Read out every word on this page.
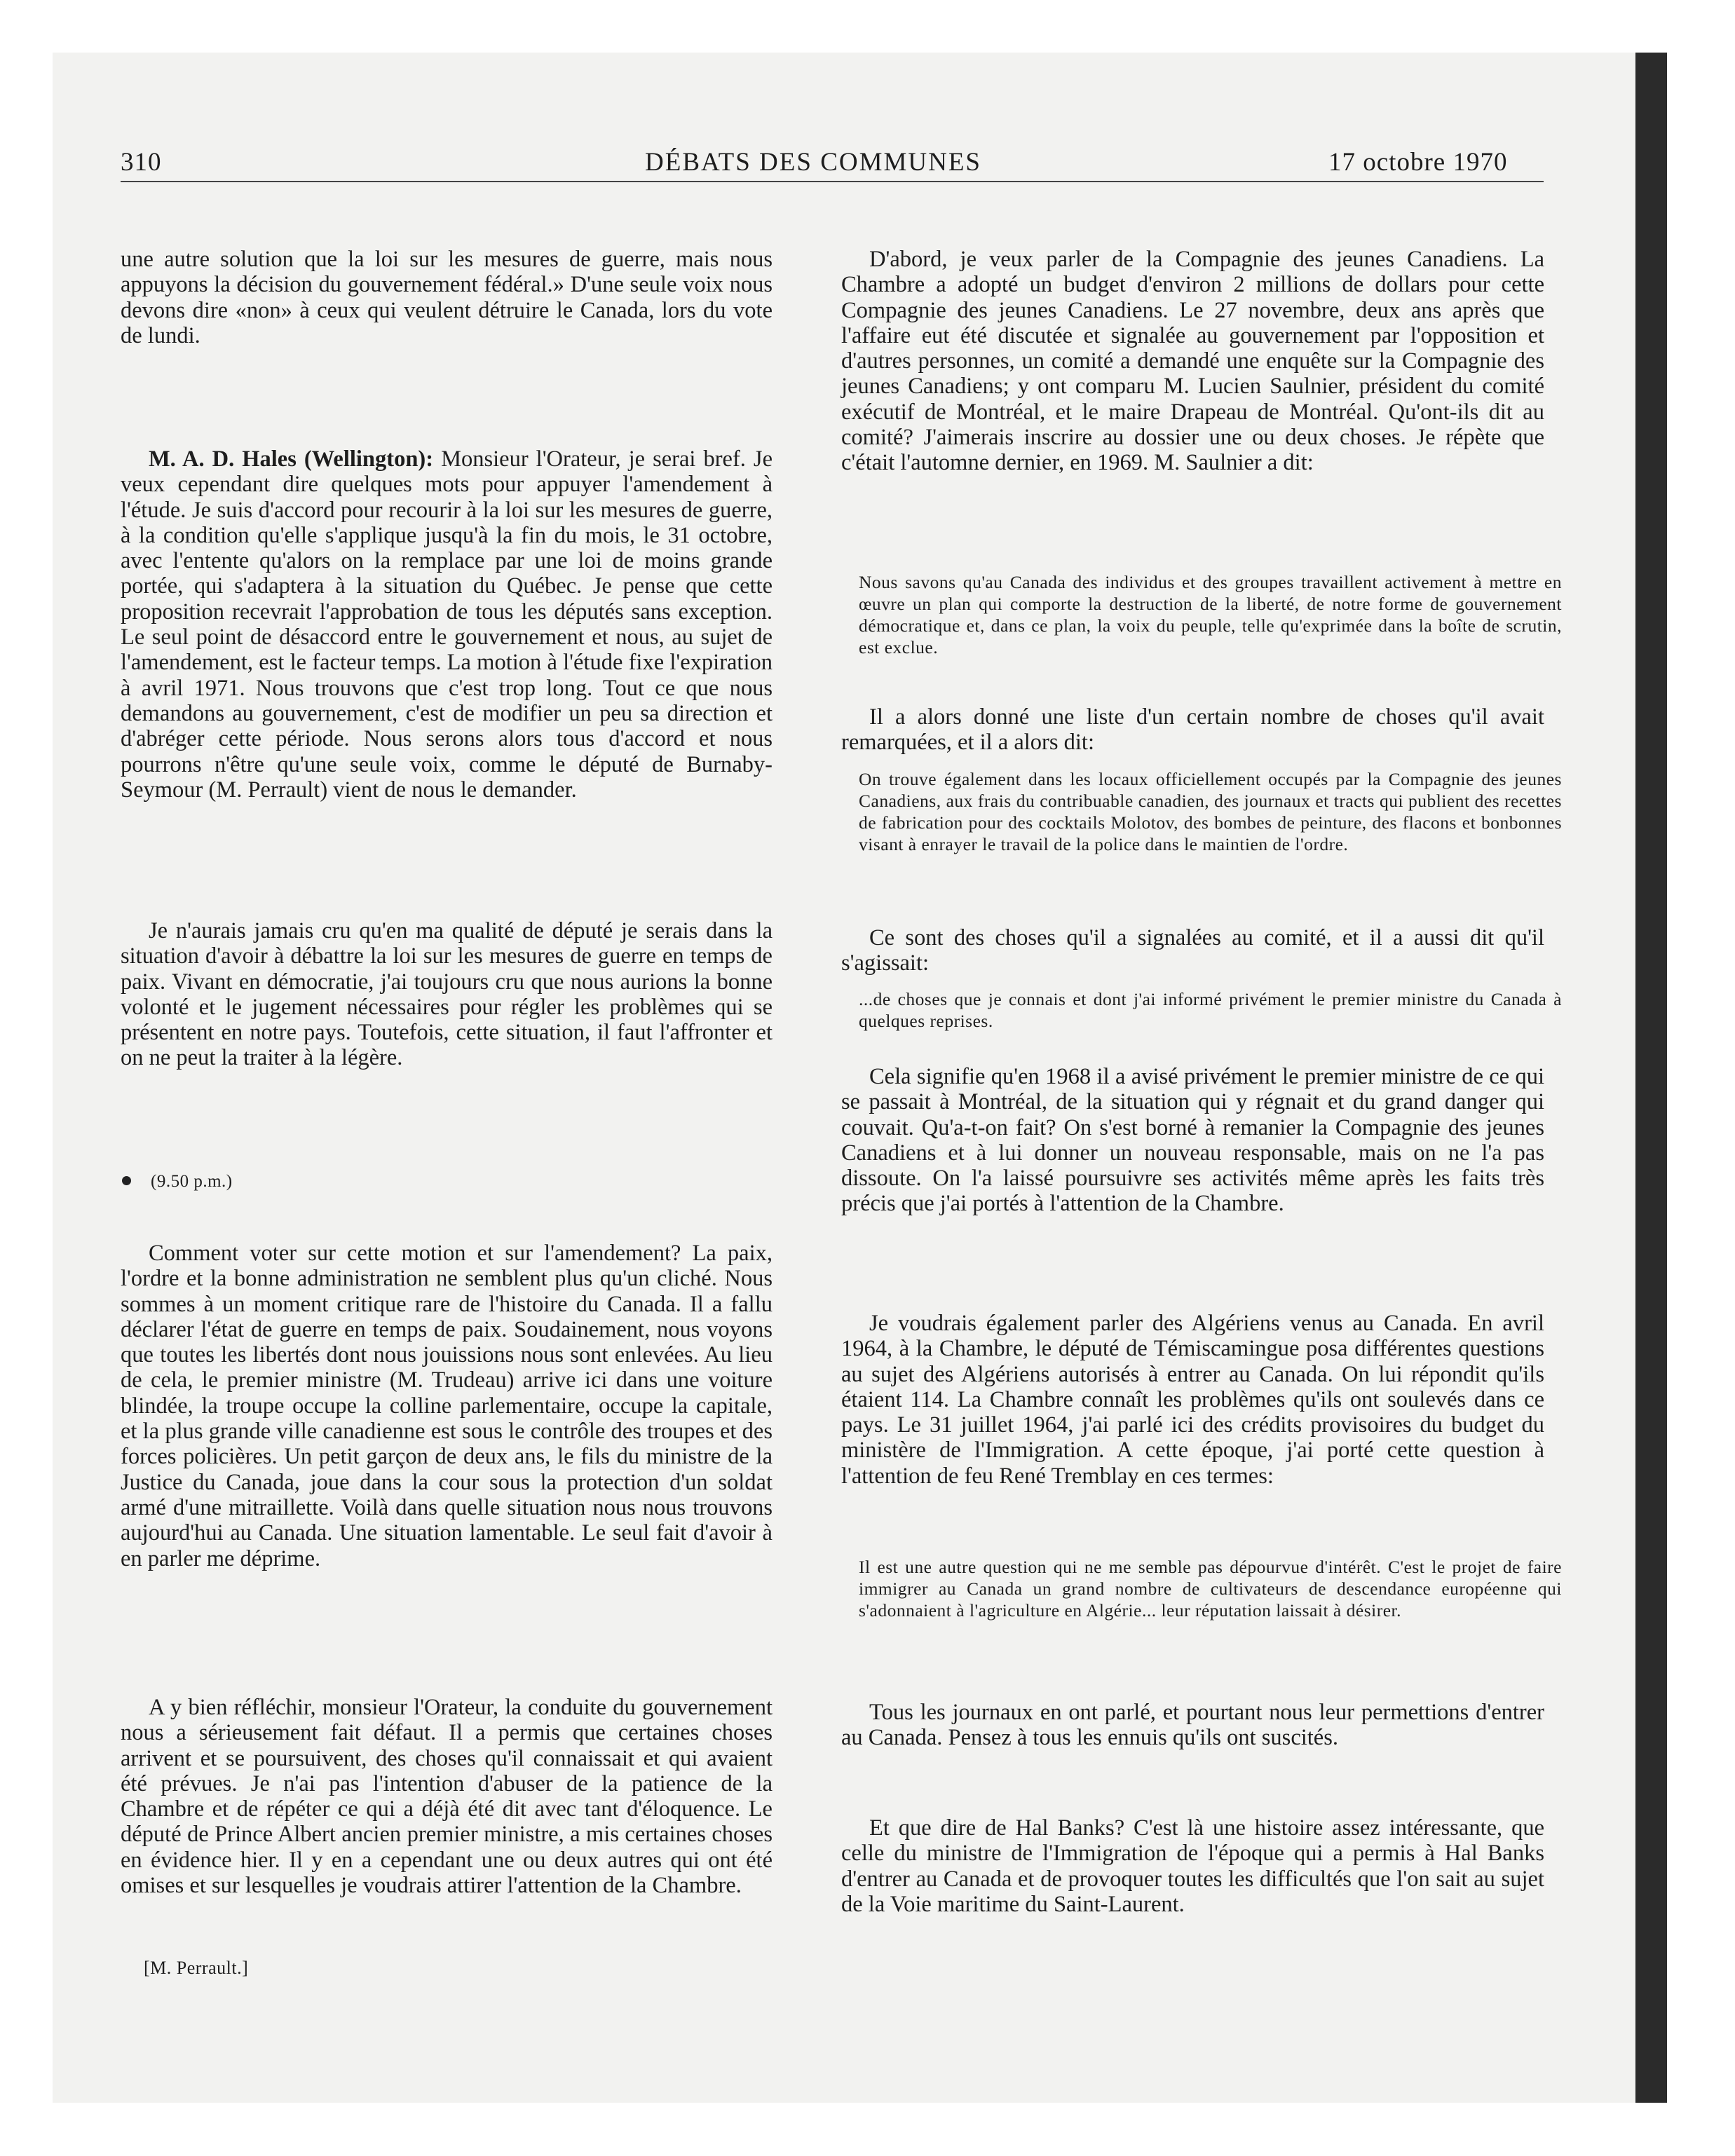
310	DÉBATS DES COMMUNES	17 octobre 1970

une autre solution que la loi sur les mesures de guerre, mais nous appuyons la décision du gouvernement fédéral.» D'une seule voix nous devons dire «non» à ceux qui veulent détruire le Canada, lors du vote de lundi.

M. A. D. Hales (Wellington): Monsieur l'Orateur, je serai bref. Je veux cependant dire quelques mots pour appuyer l'amendement à l'étude. Je suis d'accord pour recourir à la loi sur les mesures de guerre, à la condition qu'elle s'applique jusqu'à la fin du mois, le 31 octobre, avec l'entente qu'alors on la remplace par une loi de moins grande portée, qui s'adaptera à la situation du Québec. Je pense que cette proposition recevrait l'approbation de tous les députés sans exception. Le seul point de désaccord entre le gouvernement et nous, au sujet de l'amendement, est le facteur temps. La motion à l'étude fixe l'expiration à avril 1971. Nous trouvons que c'est trop long. Tout ce que nous demandons au gouvernement, c'est de modifier un peu sa direction et d'abréger cette période. Nous serons alors tous d'accord et nous pourrons n'être qu'une seule voix, comme le député de Burnaby-Seymour (M. Perrault) vient de nous le demander.

Je n'aurais jamais cru qu'en ma qualité de député je serais dans la situation d'avoir à débattre la loi sur les mesures de guerre en temps de paix. Vivant en démocratie, j'ai toujours cru que nous aurions la bonne volonté et le jugement nécessaires pour régler les problèmes qui se présentent en notre pays. Toutefois, cette situation, il faut l'affronter et on ne peut la traiter à la légère.

(9.50 p.m.)

Comment voter sur cette motion et sur l'amendement? La paix, l'ordre et la bonne administration ne semblent plus qu'un cliché. Nous sommes à un moment critique rare de l'histoire du Canada. Il a fallu déclarer l'état de guerre en temps de paix. Soudainement, nous voyons que toutes les libertés dont nous jouissions nous sont enlevées. Au lieu de cela, le premier ministre (M. Trudeau) arrive ici dans une voiture blindée, la troupe occupe la colline parlementaire, occupe la capitale, et la plus grande ville canadienne est sous le contrôle des troupes et des forces policières. Un petit garçon de deux ans, le fils du ministre de la Justice du Canada, joue dans la cour sous la protection d'un soldat armé d'une mitraillette. Voilà dans quelle situation nous nous trouvons aujourd'hui au Canada. Une situation lamentable. Le seul fait d'avoir à en parler me déprime.

A y bien réfléchir, monsieur l'Orateur, la conduite du gouvernement nous a sérieusement fait défaut. Il a permis que certaines choses arrivent et se poursuivent, des choses qu'il connaissait et qui avaient été prévues. Je n'ai pas l'intention d'abuser de la patience de la Chambre et de répéter ce qui a déjà été dit avec tant d'éloquence. Le député de Prince Albert ancien premier ministre, a mis certaines choses en évidence hier. Il y en a cependant une ou deux autres qui ont été omises et sur lesquelles je voudrais attirer l'attention de la Chambre.

[M. Perrault.]

D'abord, je veux parler de la Compagnie des jeunes Canadiens. La Chambre a adopté un budget d'environ 2 millions de dollars pour cette Compagnie des jeunes Canadiens. Le 27 novembre, deux ans après que l'affaire eut été discutée et signalée au gouvernement par l'opposition et d'autres personnes, un comité a demandé une enquête sur la Compagnie des jeunes Canadiens; y ont comparu M. Lucien Saulnier, président du comité exécutif de Montréal, et le maire Drapeau de Montréal. Qu'ont-ils dit au comité? J'aimerais inscrire au dossier une ou deux choses. Je répète que c'était l'automne dernier, en 1969. M. Saulnier a dit:

Nous savons qu'au Canada des individus et des groupes travaillent activement à mettre en œuvre un plan qui comporte la destruction de la liberté, de notre forme de gouvernement démocratique et, dans ce plan, la voix du peuple, telle qu'exprimée dans la boîte de scrutin, est exclue.

Il a alors donné une liste d'un certain nombre de choses qu'il avait remarquées, et il a alors dit:

On trouve également dans les locaux officiellement occupés par la Compagnie des jeunes Canadiens, aux frais du contribuable canadien, des journaux et tracts qui publient des recettes de fabrication pour des cocktails Molotov, des bombes de peinture, des flacons et bonbonnes visant à enrayer le travail de la police dans le maintien de l'ordre.

Ce sont des choses qu'il a signalées au comité, et il a aussi dit qu'il s'agissait:

...de choses que je connais et dont j'ai informé privément le premier ministre du Canada à quelques reprises.

Cela signifie qu'en 1968 il a avisé privément le premier ministre de ce qui se passait à Montréal, de la situation qui y régnait et du grand danger qui couvait. Qu'a-t-on fait? On s'est borné à remanier la Compagnie des jeunes Canadiens et à lui donner un nouveau responsable, mais on ne l'a pas dissoute. On l'a laissé poursuivre ses activités même après les faits très précis que j'ai portés à l'attention de la Chambre.

Je voudrais également parler des Algériens venus au Canada. En avril 1964, à la Chambre, le député de Témiscamingue posa différentes questions au sujet des Algériens autorisés à entrer au Canada. On lui répondit qu'ils étaient 114. La Chambre connaît les problèmes qu'ils ont soulevés dans ce pays. Le 31 juillet 1964, j'ai parlé ici des crédits provisoires du budget du ministère de l'Immigration. A cette époque, j'ai porté cette question à l'attention de feu René Tremblay en ces termes:

Il est une autre question qui ne me semble pas dépourvue d'intérêt. C'est le projet de faire immigrer au Canada un grand nombre de cultivateurs de descendance européenne qui s'adonnaient à l'agriculture en Algérie... leur réputation laissait à désirer.

Tous les journaux en ont parlé, et pourtant nous leur permettions d'entrer au Canada. Pensez à tous les ennuis qu'ils ont suscités.

Et que dire de Hal Banks? C'est là une histoire assez intéressante, que celle du ministre de l'Immigration de l'époque qui a permis à Hal Banks d'entrer au Canada et de provoquer toutes les difficultés que l'on sait au sujet de la Voie maritime du Saint-Laurent.
